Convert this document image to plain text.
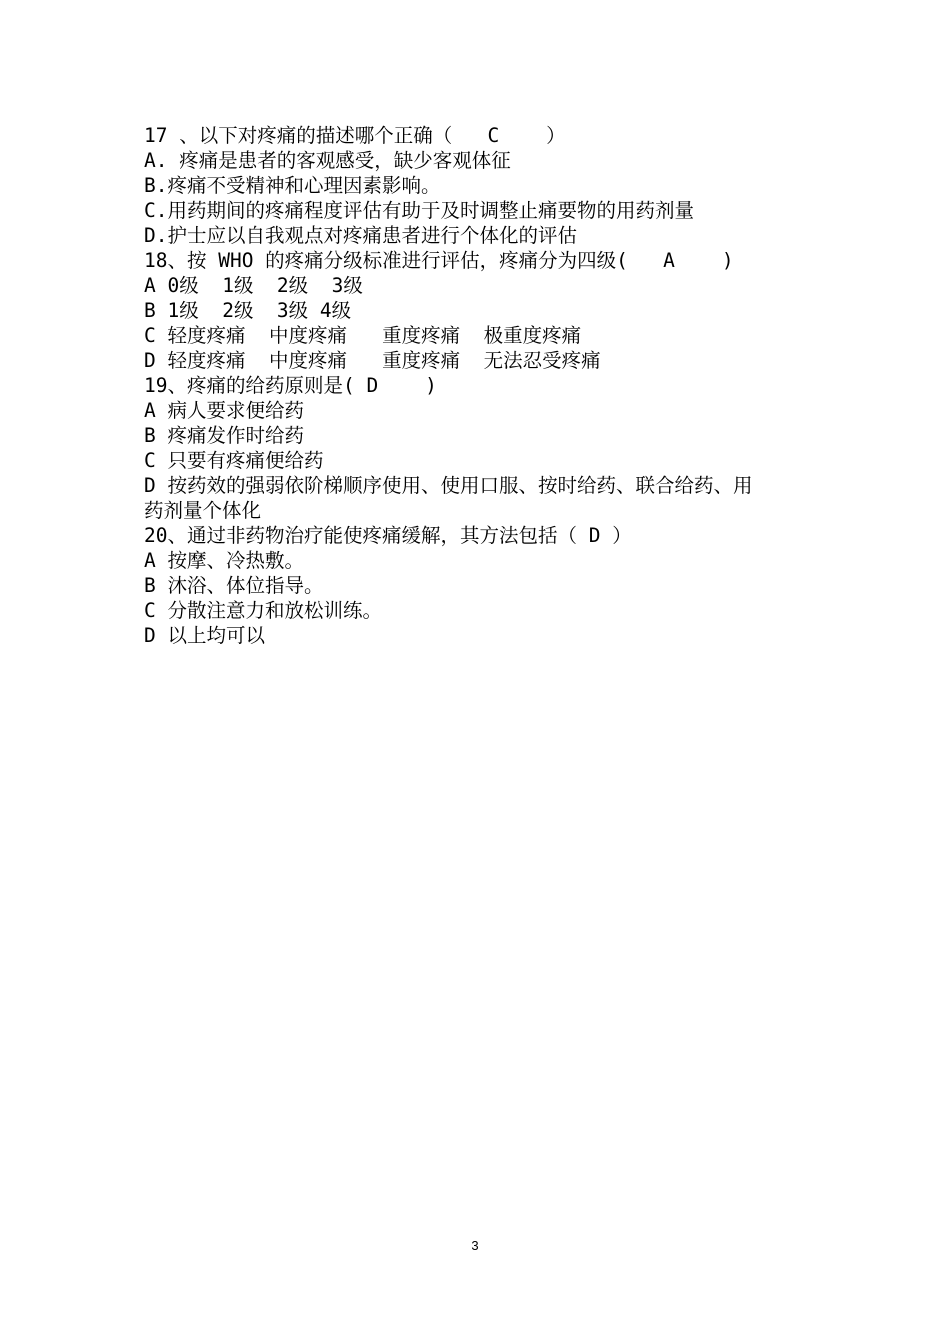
17 、以下对疼痛的描述哪个正确（   C    ）
A. 疼痛是患者的客观感受，缺少客观体征
B.疼痛不受精神和心理因素影响。
C.用药期间的疼痛程度评估有助于及时调整止痛要物的用药剂量
D.护士应以自我观点对疼痛患者进行个体化的评估
18、按 WHO 的疼痛分级标准进行评估，疼痛分为四级(   A    )
A 0级  1级  2级  3级
B 1级  2级  3级 4级
C 轻度疼痛  中度疼痛   重度疼痛  极重度疼痛
D 轻度疼痛  中度疼痛   重度疼痛  无法忍受疼痛
19、疼痛的给药原则是( D    )
A 病人要求便给药
B 疼痛发作时给药
C 只要有疼痛便给药
D 按药效的强弱依阶梯顺序使用、使用口服、按时给药、联合给药、用
药剂量个体化
20、通过非药物治疗能使疼痛缓解，其方法包括（ D ）
A 按摩、冷热敷。
B 沐浴、体位指导。
C 分散注意力和放松训练。
D 以上均可以
3
